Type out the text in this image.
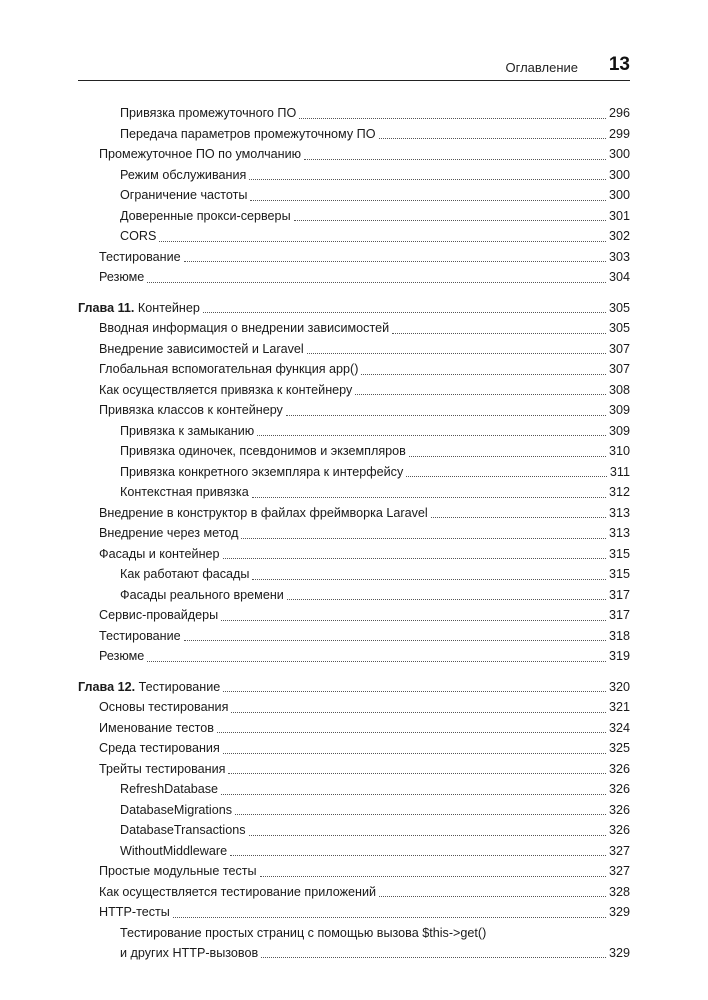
Оглавление 13
Привязка промежуточного ПО	296
Передача параметров промежуточному ПО	299
Промежуточное ПО по умолчанию	300
Режим обслуживания	300
Ограничение частоты	300
Доверенные прокси-серверы	301
CORS	302
Тестирование	303
Резюме	304
Глава 11. Контейнер	305
Вводная информация о внедрении зависимостей	305
Внедрение зависимостей и Laravel	307
Глобальная вспомогательная функция app()	307
Как осуществляется привязка к контейнеру	308
Привязка классов к контейнеру	309
Привязка к замыканию	309
Привязка одиночек, псевдонимов и экземпляров	310
Привязка конкретного экземпляра к интерфейсу	311
Контекстная привязка	312
Внедрение в конструктор в файлах фреймворка Laravel	313
Внедрение через метод	313
Фасады и контейнер	315
Как работают фасады	315
Фасады реального времени	317
Сервис-провайдеры	317
Тестирование	318
Резюме	319
Глава 12. Тестирование	320
Основы тестирования	321
Именование тестов	324
Среда тестирования	325
Трейты тестирования	326
RefreshDatabase	326
DatabaseMigrations	326
DatabaseTransactions	326
WithoutMiddleware	327
Простые модульные тесты	327
Как осуществляется тестирование приложений	328
HTTP-тесты	329
Тестирование простых страниц с помощью вызова $this->get()
и других HTTP-вызовов	329
